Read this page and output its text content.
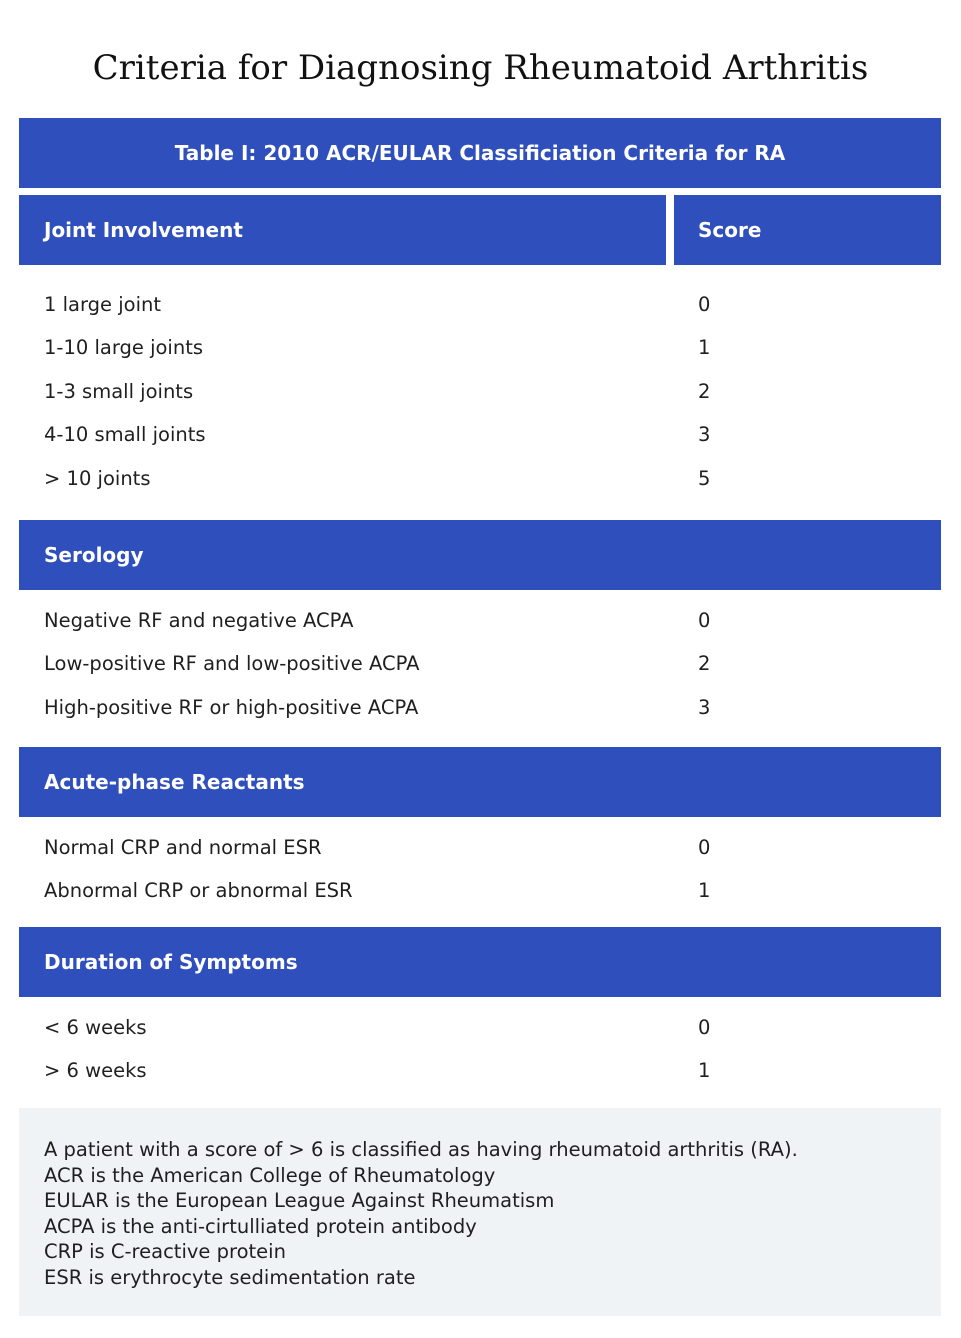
Criteria for Diagnosing Rheumatoid Arthritis
Table I: 2010 ACR/EULAR Classificiation Criteria for RA
Joint Involvement	Score
1 large joint	0
1-10 large joints	1
1-3 small joints	2
4-10 small joints	3
> 10 joints	5
Serology
Negative RF and negative ACPA	0
Low-positive RF and low-positive ACPA	2
High-positive RF or high-positive ACPA	3
Acute-phase Reactants
Normal CRP and normal ESR	0
Abnormal CRP or abnormal ESR	1
Duration of Symptoms
< 6 weeks	0
> 6 weeks	1
A patient with a score of > 6 is classified as having rheumatoid arthritis (RA).
ACR is the American College of Rheumatology
EULAR is the European League Against Rheumatism
ACPA is the anti-cirtulliated protein antibody
CRP is C-reactive protein
ESR is erythrocyte sedimentation rate
